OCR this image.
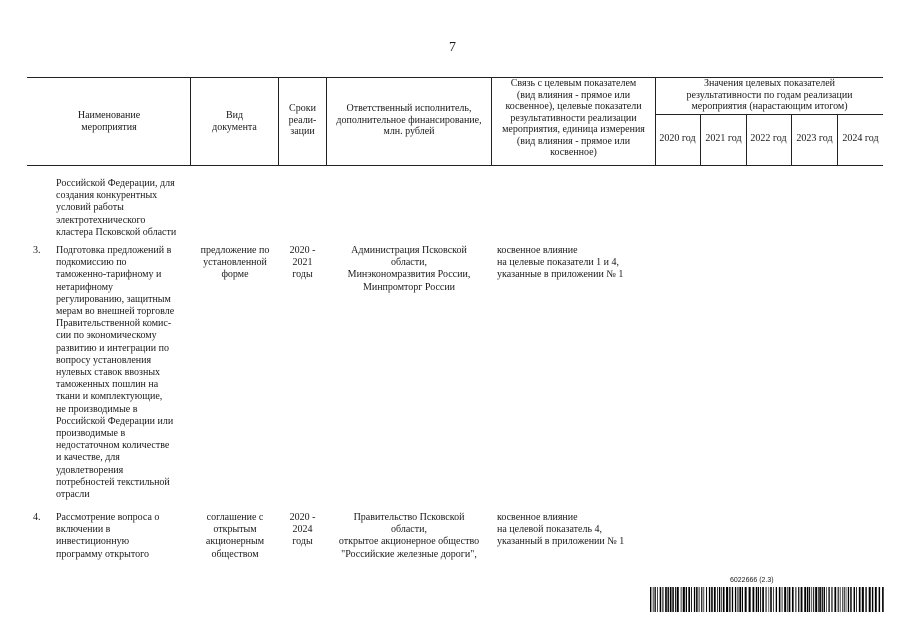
7
Наименование
мероприятия
Вид
документа
Сроки
реали-
зации
Ответственный исполнитель,
дополнительное финансирование,
млн. рублей
Связь с целевым показателем
(вид влияния - прямое или
косвенное), целевые показатели
результативности реализации
мероприятия, единица измерения
(вид влияния - прямое или
косвенное)
Значения целевых показателей
результативности по годам реализации
мероприятия (нарастающим итогом)
2020 год 2021 год 2022 год 2023 год 2024 год
Российской Федерации, для
создания конкурентных
условий работы
электротехнического
кластера Псковской области
3.	Подготовка предложений в
подкомиссию по
таможенно-тарифному и
нетарифному
регулированию, защитным
мерам во внешней торговле
Правительственной комис-
сии по экономическому
развитию и интеграции по
вопросу установления
нулевых ставок ввозных
таможенных пошлин на
ткани и комплектующие,
не производимые в
Российской Федерации или
производимые в
недостаточном количестве
и качестве, для
удовлетворения
потребностей текстильной
отрасли
предложение по
установленной
форме
2020 -
2021
годы
Администрация Псковской
области,
Минэкономразвития России,
Минпромторг России
косвенное влияние
на целевые показатели 1 и 4,
указанные в приложении № 1
4.	Рассмотрение вопроса о
включении в
инвестиционную
программу открытого
соглашение с
открытым
акционерным
обществом
2020 -
2024
годы
Правительство Псковской
области,
открытое акционерное общество
"Российские железные дороги",
косвенное влияние
на целевой показатель 4,
указанный в приложении № 1
6022666 (2.3)
